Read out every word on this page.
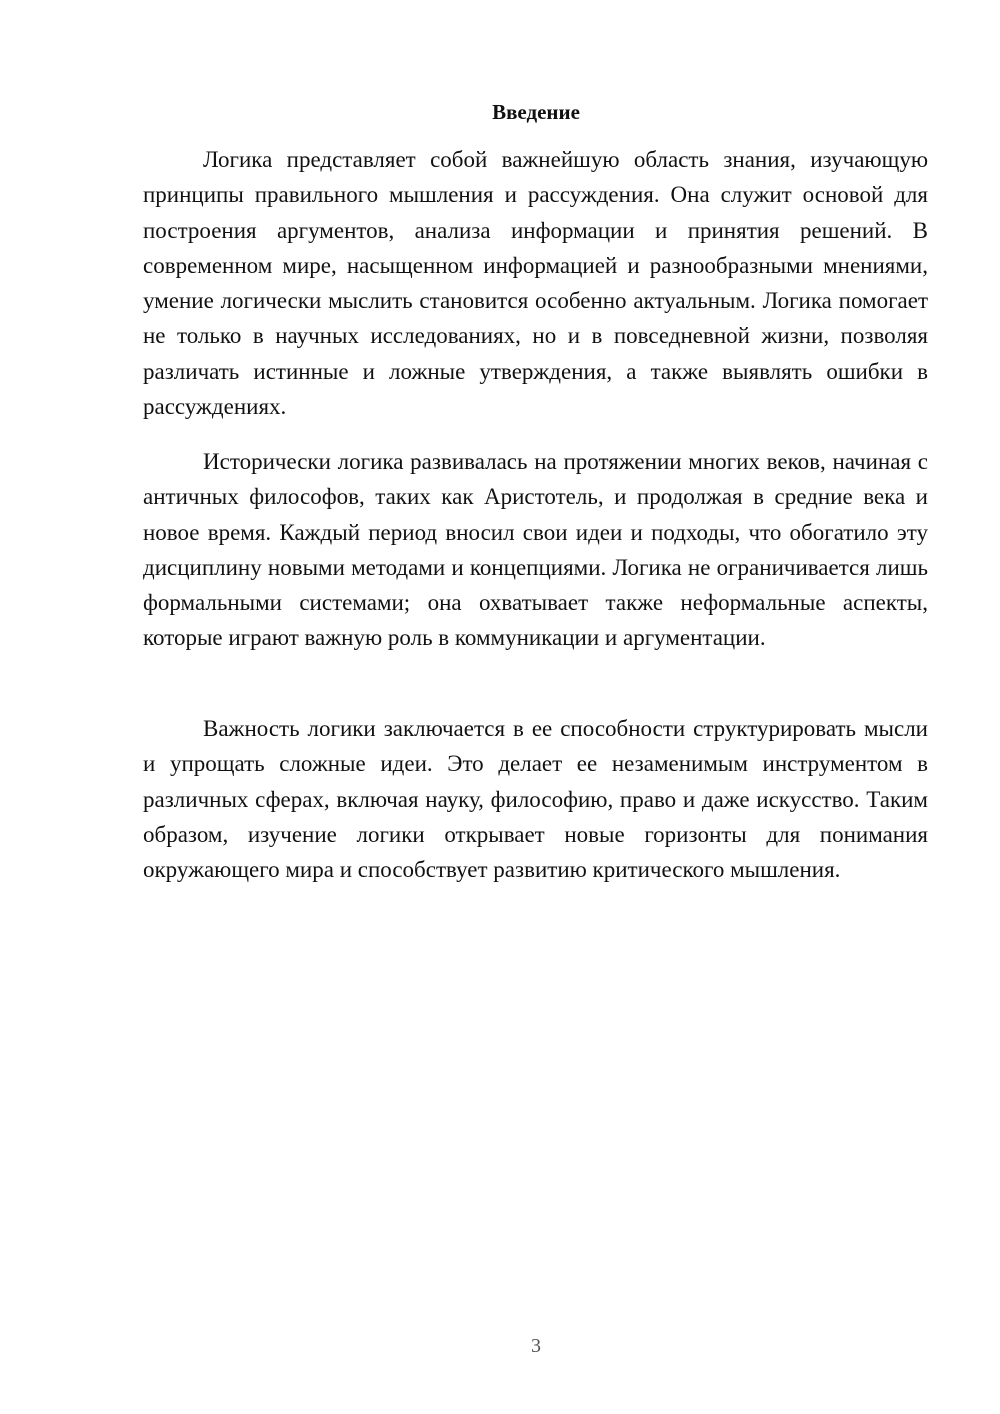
Введение

Логика представляет собой важнейшую область знания, изучающую принципы правильного мышления и рассуждения. Она служит основой для построения аргументов, анализа информации и принятия решений. В современном мире, насыщенном информацией и разнообразными мнениями, умение логически мыслить становится особенно актуальным. Логика помогает не только в научных исследованиях, но и в повседневной жизни, позволяя различать истинные и ложные утверждения, а также выявлять ошибки в рассуждениях.

Исторически логика развивалась на протяжении многих веков, начиная с античных философов, таких как Аристотель, и продолжая в средние века и новое время. Каждый период вносил свои идеи и подходы, что обогатило эту дисциплину новыми методами и концепциями. Логика не ограничивается лишь формальными системами; она охватывает также неформальные аспекты, которые играют важную роль в коммуникации и аргументации.

Важность логики заключается в ее способности структурировать мысли и упрощать сложные идеи. Это делает ее незаменимым инструментом в различных сферах, включая науку, философию, право и даже искусство. Таким образом, изучение логики открывает новые горизонты для понимания окружающего мира и способствует развитию критического мышления.

3
